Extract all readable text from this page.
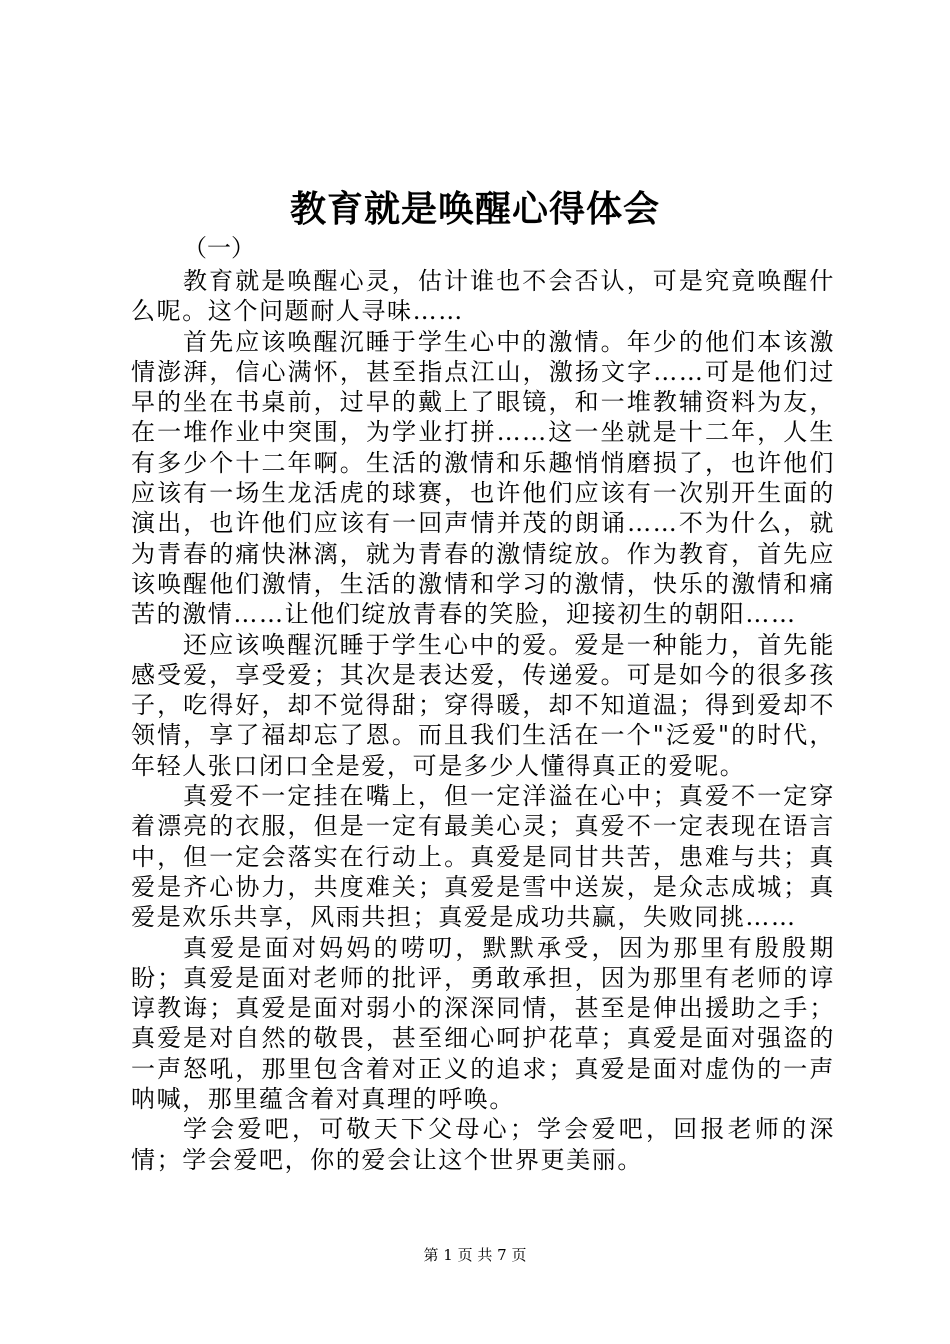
教育就是唤醒心得体会
（一）

教育就是唤醒心灵，估计谁也不会否认，可是究竟唤醒什么呢。这个问题耐人寻味……

首先应该唤醒沉睡于学生心中的激情。年少的他们本该激情澎湃，信心满怀，甚至指点江山，激扬文字……可是他们过早的坐在书桌前，过早的戴上了眼镜，和一堆教辅资料为友，在一堆作业中突围，为学业打拼……这一坐就是十二年，人生有多少个十二年啊。生活的激情和乐趣悄悄磨损了，也许他们应该有一场生龙活虎的球赛，也许他们应该有一次别开生面的演出，也许他们应该有一回声情并茂的朗诵……不为什么，就为青春的痛快淋漓，就为青春的激情绽放。作为教育，首先应该唤醒他们激情，生活的激情和学习的激情，快乐的激情和痛苦的激情……让他们绽放青春的笑脸，迎接初生的朝阳……

还应该唤醒沉睡于学生心中的爱。爱是一种能力，首先能感受爱，享受爱；其次是表达爱，传递爱。可是如今的很多孩子，吃得好，却不觉得甜；穿得暖，却不知道温；得到爱却不领情，享了福却忘了恩。而且我们生活在一个"泛爱"的时代，年轻人张口闭口全是爱，可是多少人懂得真正的爱呢。

真爱不一定挂在嘴上，但一定洋溢在心中；真爱不一定穿着漂亮的衣服，但是一定有最美心灵；真爱不一定表现在语言中，但一定会落实在行动上。真爱是同甘共苦，患难与共；真爱是齐心协力，共度难关；真爱是雪中送炭，是众志成城；真爱是欢乐共享，风雨共担；真爱是成功共赢，失败同挑……

真爱是面对妈妈的唠叨，默默承受，因为那里有殷殷期盼；真爱是面对老师的批评，勇敢承担，因为那里有老师的谆谆教诲；真爱是面对弱小的深深同情，甚至是伸出援助之手；真爱是对自然的敬畏，甚至细心呵护花草；真爱是面对强盗的一声怒吼，那里包含着对正义的追求；真爱是面对虚伪的一声呐喊，那里蕴含着对真理的呼唤。

学会爱吧，可敬天下父母心；学会爱吧，回报老师的深情；学会爱吧，你的爱会让这个世界更美丽。

第 1 页 共 7 页
